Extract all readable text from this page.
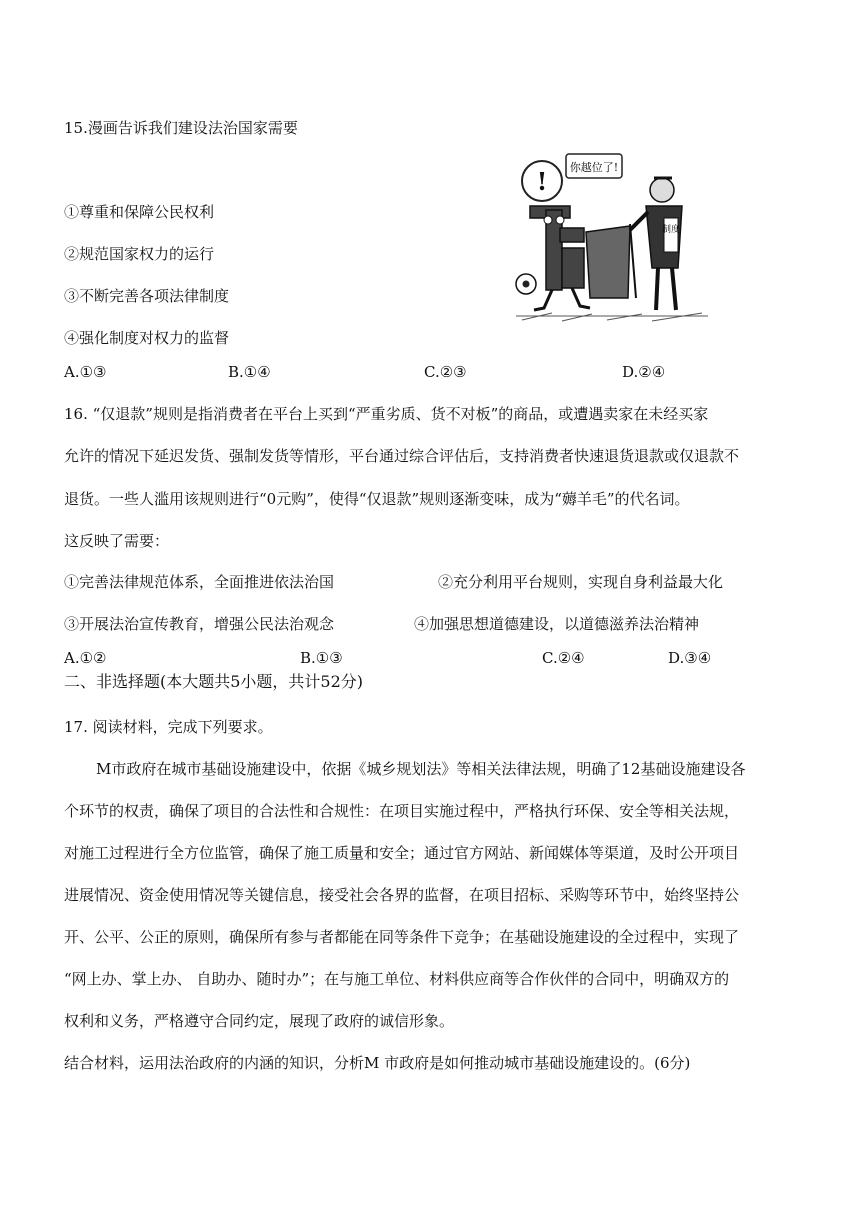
15.漫画告诉我们建设法治国家需要
! 你越位了!
制度
①尊重和保障公民权利
②规范国家权力的运行
③不断完善各项法律制度
④强化制度对权力的监督
A.①③	B.①④	C.②③	D.②④
16. “仅退款”规则是指消费者在平台上买到“严重劣质、货不对板”的商品，或遭遇卖家在未经买家
允许的情况下延迟发货、强制发货等情形，平台通过综合评估后，支持消费者快速退货退款或仅退款不
退货。一些人滥用该规则进行“0元购”，使得“仅退款”规则逐渐变味，成为“薅羊毛”的代名词。
这反映了需要：
①完善法律规范体系，全面推进依法治国	②充分利用平台规则，实现自身利益最大化
③开展法治宣传教育，增强公民法治观念	④加强思想道德建设，以道德滋养法治精神
A.①②	B.①③	C.②④	D.③④
二、非选择题(本大题共5小题，共计52分)
17. 阅读材料，完成下列要求。
M市政府在城市基础设施建设中，依据《城乡规划法》等相关法律法规，明确了12基础设施建设各
个环节的权责，确保了项目的合法性和合规性：在项目实施过程中，严格执行环保、安全等相关法规，
对施工过程进行全方位监管，确保了施工质量和安全；通过官方网站、新闻媒体等渠道，及时公开项目
进展情况、资金使用情况等关键信息，接受社会各界的监督，在项目招标、采购等环节中，始终坚持公
开、公平、公正的原则，确保所有参与者都能在同等条件下竞争；在基础设施建设的全过程中，实现了
“网上办、掌上办、 自助办、随时办”；在与施工单位、材料供应商等合作伙伴的合同中，明确双方的
权利和义务，严格遵守合同约定，展现了政府的诚信形象。
结合材料，运用法治政府的内涵的知识，分析M 市政府是如何推动城市基础设施建设的。(6分)
